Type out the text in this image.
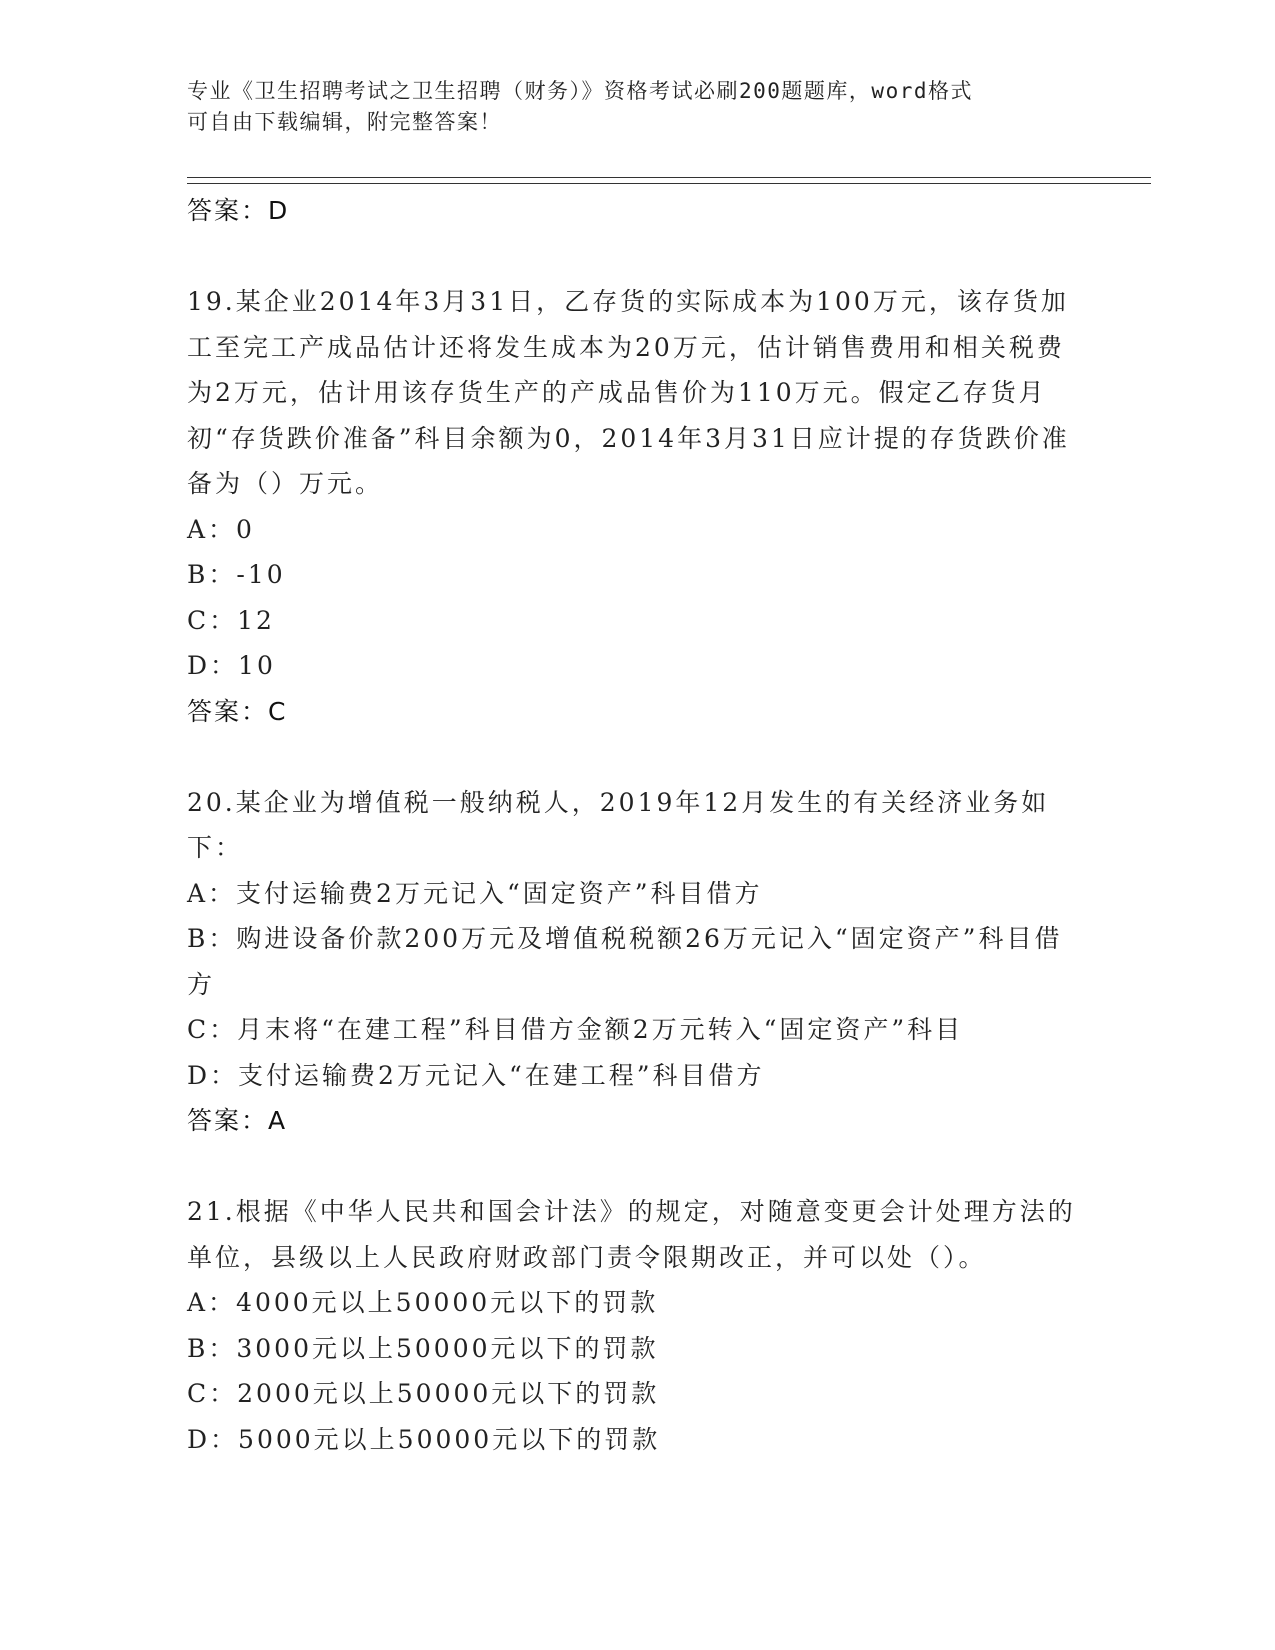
专业《卫生招聘考试之卫生招聘（财务）》资格考试必刷200题题库，word格式
可自由下载编辑，附完整答案！
答案：D

19.某企业2014年3月31日，乙存货的实际成本为100万元，该存货加工至完工产成品估计还将发生成本为20万元，估计销售费用和相关税费为2万元，估计用该存货生产的产成品售价为110万元。假定乙存货月初“存货跌价准备”科目余额为0，2014年3月31日应计提的存货跌价准备为（）万元。

A：0

B：-10

C：12

D：10

答案：C

20.某企业为增值税一般纳税人，2019年12月发生的有关经济业务如下：

A：支付运输费2万元记入“固定资产”科目借方

B：购进设备价款200万元及增值税税额26万元记入“固定资产”科目借方

C：月末将“在建工程”科目借方金额2万元转入“固定资产”科目

D：支付运输费2万元记入“在建工程”科目借方

答案：A

21.根据《中华人民共和国会计法》的规定，对随意变更会计处理方法的单位，县级以上人民政府财政部门责令限期改正，并可以处（）。

A：4000元以上50000元以下的罚款

B：3000元以上50000元以下的罚款

C：2000元以上50000元以下的罚款

D：5000元以上50000元以下的罚款
